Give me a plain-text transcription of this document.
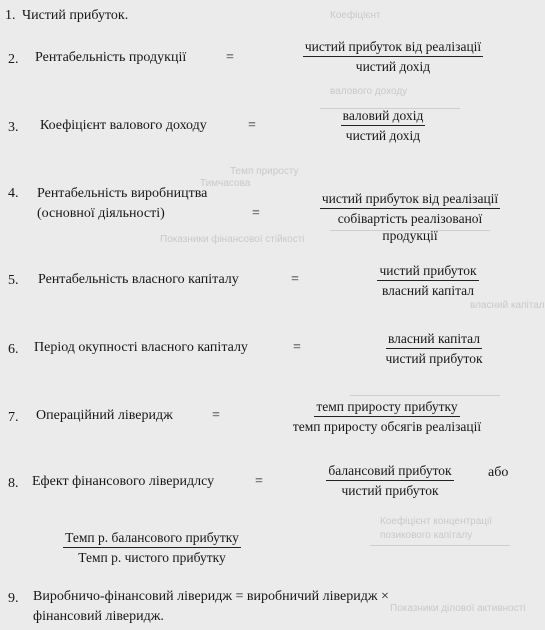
Коефіцієнт
валового доходу
Тимчасова
Темп приросту
Показники фінансової стійкості
власний капітал
Коефіцієнт концентрації
позикового капіталу
Показники ділової активності
1. Чистий прибуток.
2. Рентабельність продукції	=
чистий прибуток від реалізації
чистий дохід
3. Коефіцієнт валового доходу	=
валовий дохід
чистий дохід
4. Рентабельність виробництва
(основної діяльності)	=
чистий прибуток від реалізації
собівартість реалізованої
продукції
5. Рентабельність власного капіталу	=
чистий прибуток
власний капітал
6. Період окупності власного капіталу	=
власний капітал
чистий прибуток
7. Операційний ліверидж	=
темп приросту прибутку
темп приросту обсягів реалізації
8. Ефект фінансового ліверидлсу	=
балансовий прибуток
чистий прибуток
або
Темп р. балансового прибутку
Темп р. чистого прибутку
9. Виробничо-фінансовий ліверидж = виробничий ліверидж ×
фінансовий ліверидж.
